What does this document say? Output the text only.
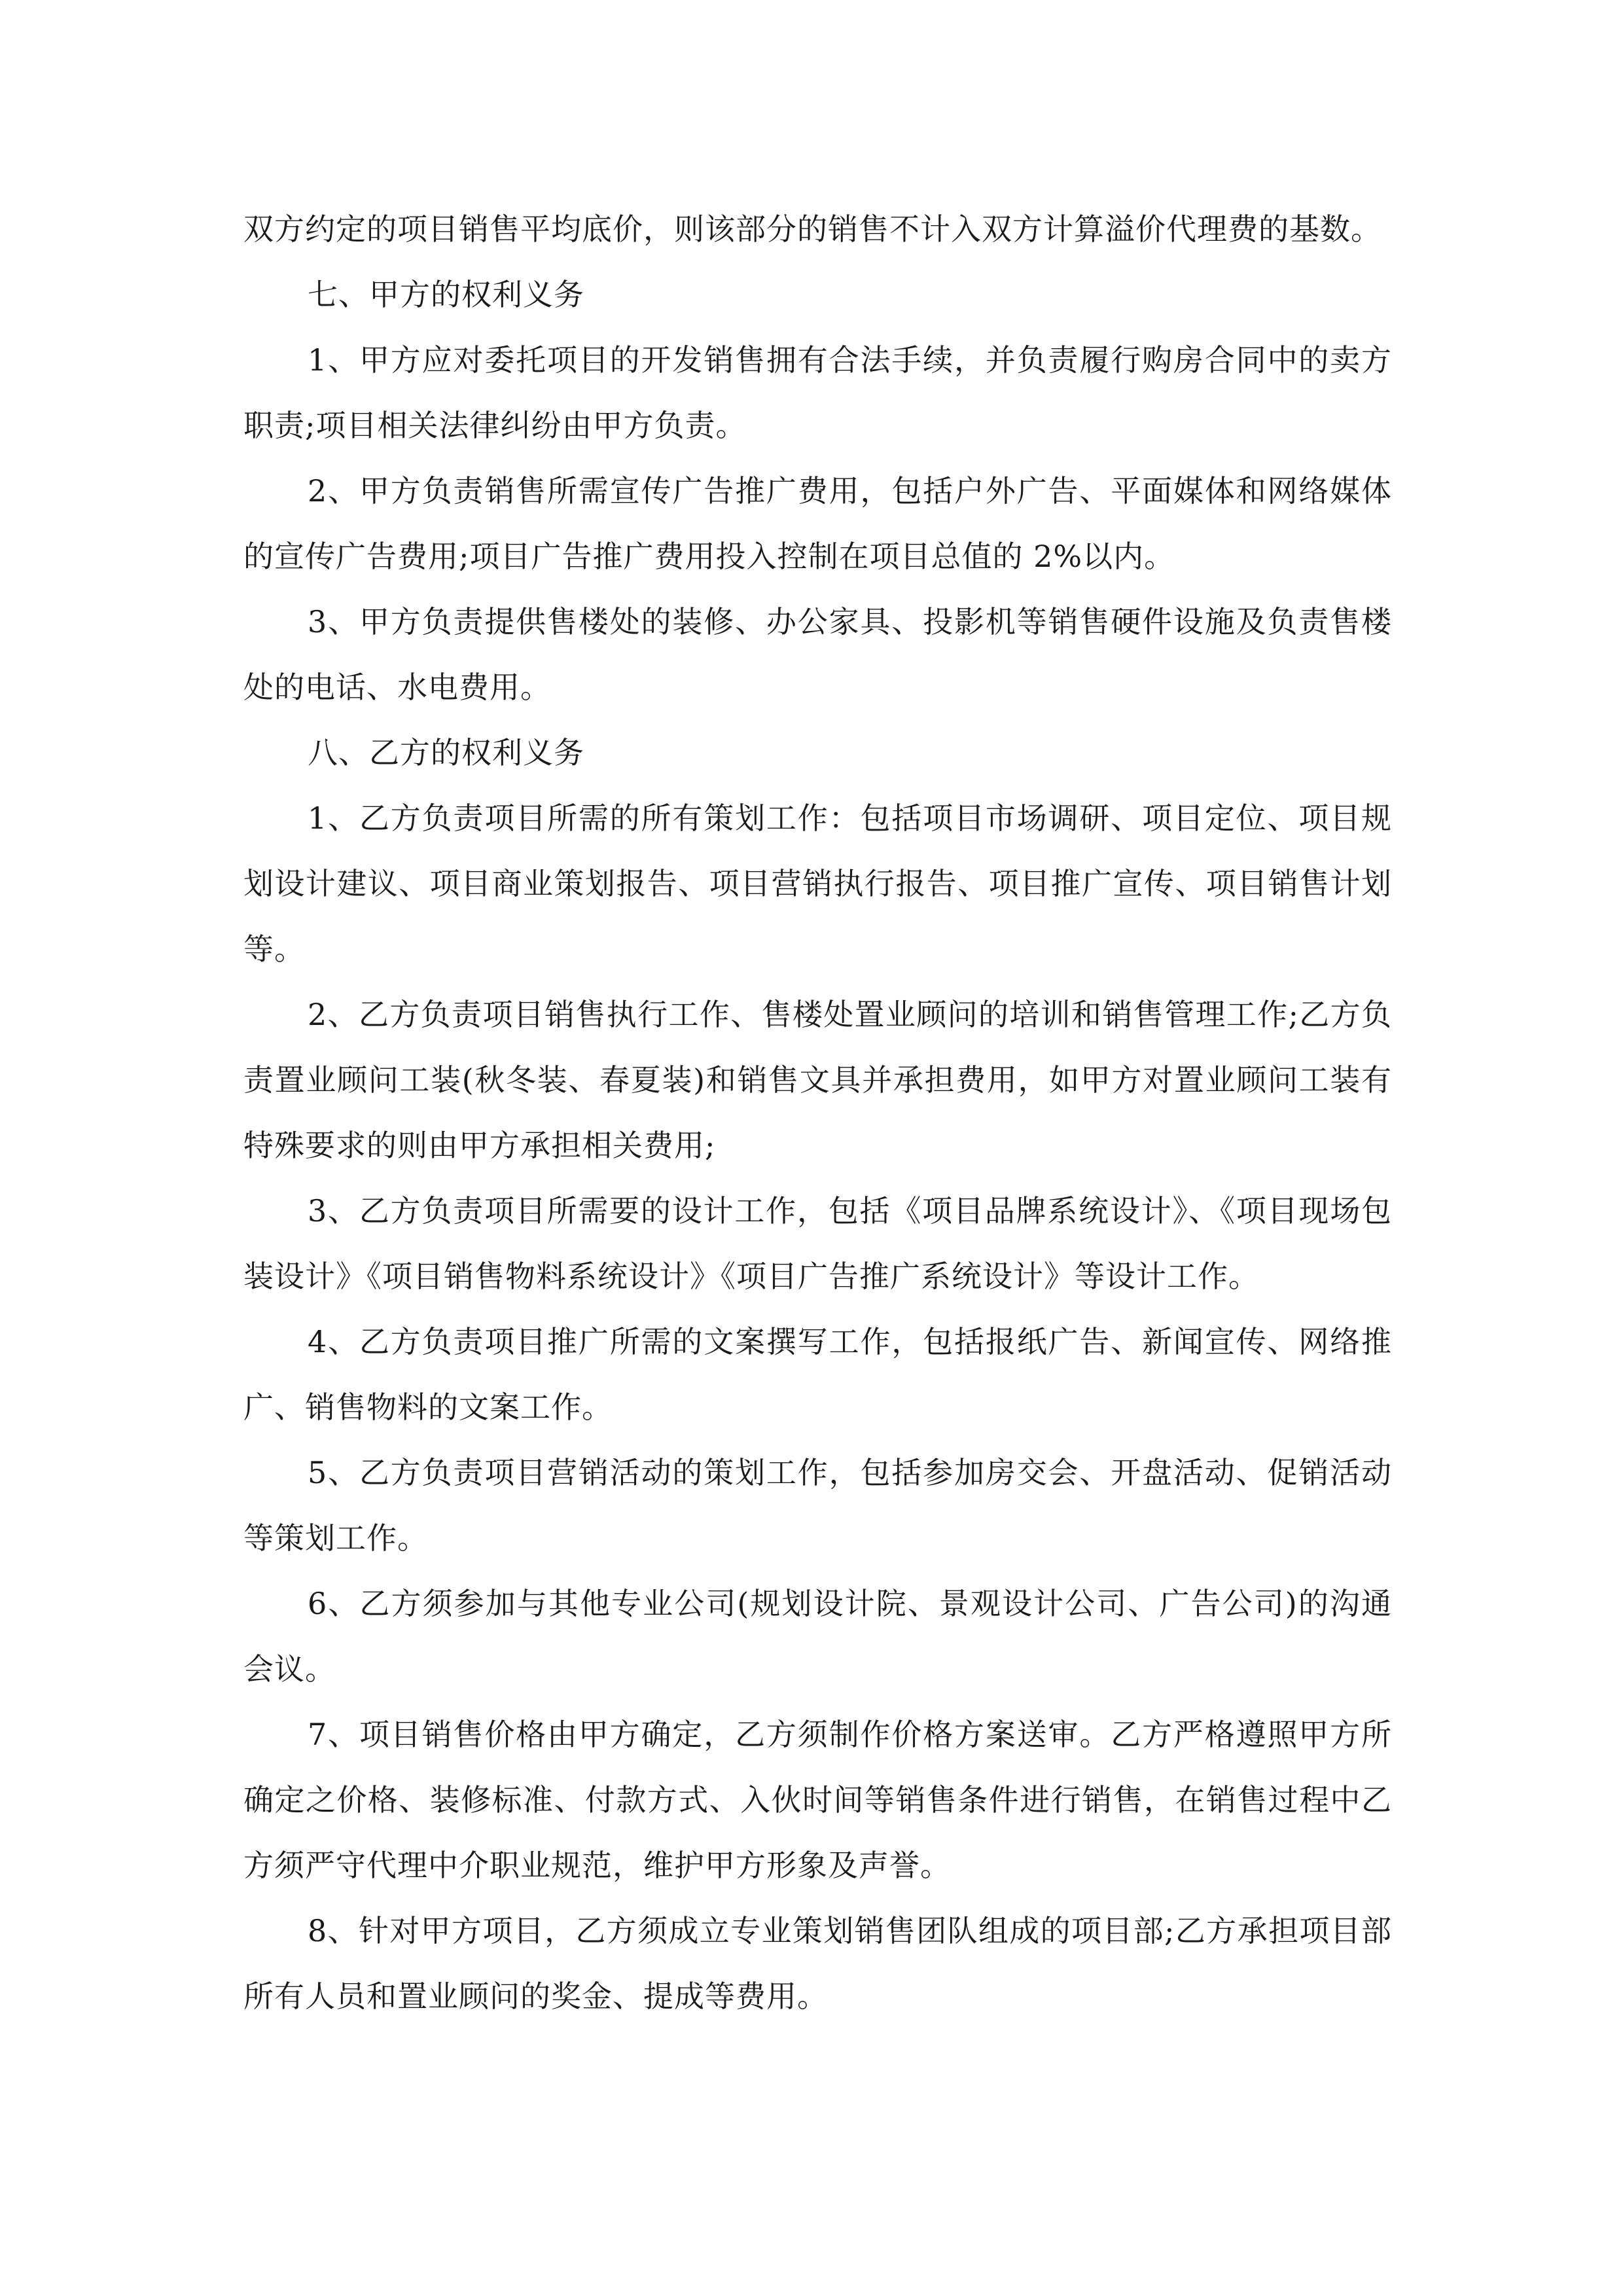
双方约定的项目销售平均底价，则该部分的销售不计入双方计算溢价代理费的基数。

七、甲方的权利义务

1、甲方应对委托项目的开发销售拥有合法手续，并负责履行购房合同中的卖方职责;项目相关法律纠纷由甲方负责。

2、甲方负责销售所需宣传广告推广费用，包括户外广告、平面媒体和网络媒体的宣传广告费用;项目广告推广费用投入控制在项目总值的 2%以内。

3、甲方负责提供售楼处的装修、办公家具、投影机等销售硬件设施及负责售楼处的电话、水电费用。

八、乙方的权利义务

1、乙方负责项目所需的所有策划工作：包括项目市场调研、项目定位、项目规划设计建议、项目商业策划报告、项目营销执行报告、项目推广宣传、项目销售计划等。

2、乙方负责项目销售执行工作、售楼处置业顾问的培训和销售管理工作;乙方负责置业顾问工装(秋冬装、春夏装)和销售文具并承担费用，如甲方对置业顾问工装有特殊要求的则由甲方承担相关费用;

3、乙方负责项目所需要的设计工作，包括《项目品牌系统设计》、《项目现场包装设计》《项目销售物料系统设计》《项目广告推广系统设计》等设计工作。

4、乙方负责项目推广所需的文案撰写工作，包括报纸广告、新闻宣传、网络推广、销售物料的文案工作。

5、乙方负责项目营销活动的策划工作，包括参加房交会、开盘活动、促销活动等策划工作。

6、乙方须参加与其他专业公司(规划设计院、景观设计公司、广告公司)的沟通会议。

7、项目销售价格由甲方确定，乙方须制作价格方案送审。乙方严格遵照甲方所确定之价格、装修标准、付款方式、入伙时间等销售条件进行销售，在销售过程中乙方须严守代理中介职业规范，维护甲方形象及声誉。

8、针对甲方项目，乙方须成立专业策划销售团队组成的项目部;乙方承担项目部所有人员和置业顾问的奖金、提成等费用。
